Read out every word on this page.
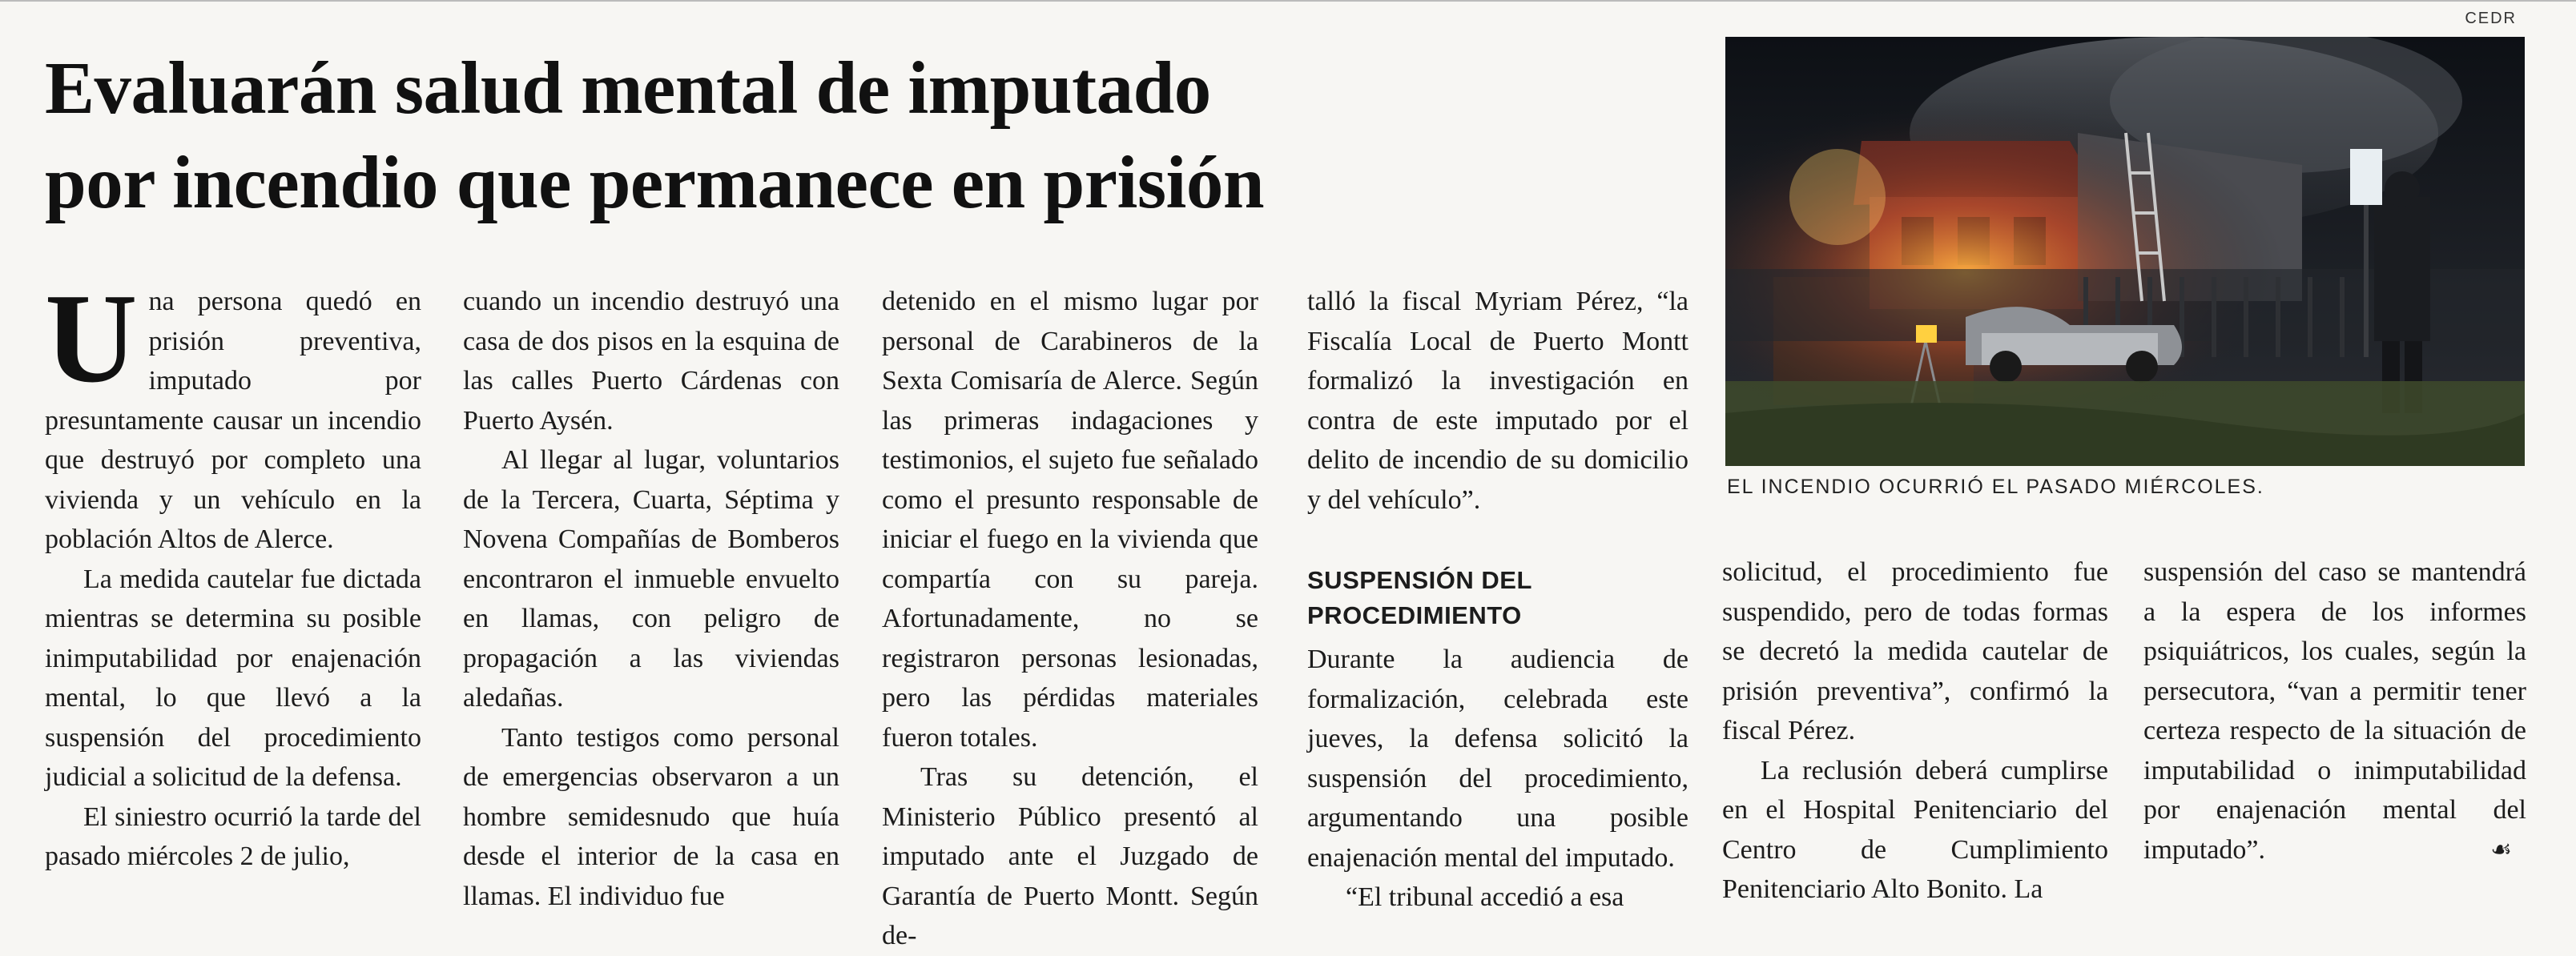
Evaluarán salud mental de imputado
por incendio que permanece en prisión
CEDR
EL INCENDIO OCURRIÓ EL PASADO MIÉRCOLES.

Una persona quedó en prisión preventiva, imputado por presuntamente causar un incendio que destruyó por completo una vivienda y un vehículo en la población Altos de Alerce.

La medida cautelar fue dictada mientras se determina su posible inimputabilidad por enajenación mental, lo que llevó a la suspensión del procedimiento judicial a solicitud de la defensa.

El siniestro ocurrió la tarde del pasado miércoles 2 de julio,

cuando un incendio destruyó una casa de dos pisos en la esquina de las calles Puerto Cárdenas con Puerto Aysén.

Al llegar al lugar, voluntarios de la Tercera, Cuarta, Séptima y Novena Compañías de Bomberos encontraron el inmueble envuelto en llamas, con peligro de propagación a las viviendas aledañas.

Tanto testigos como personal de emergencias observaron a un hombre semidesnudo que huía desde el interior de la casa en llamas. El individuo fue

detenido en el mismo lugar por personal de Carabineros de la Sexta Comisaría de Alerce. Según las primeras indagaciones y testimonios, el sujeto fue señalado como el presunto responsable de iniciar el fuego en la vivienda que compartía con su pareja. Afortunadamente, no se registraron personas lesionadas, pero las pérdidas materiales fueron totales.

Tras su detención, el Ministerio Público presentó al imputado ante el Juzgado de Garantía de Puerto Montt. Según de-

talló la fiscal Myriam Pérez, “la Fiscalía Local de Puerto Montt formalizó la investigación en contra de este imputado por el delito de incendio de su domicilio y del vehículo”.

SUSPENSIÓN DEL
PROCEDIMIENTO

Durante la audiencia de formalización, celebrada este jueves, la defensa solicitó la suspensión del procedimiento, argumentando una posible enajenación mental del imputado.

“El tribunal accedió a esa

solicitud, el procedimiento fue suspendido, pero de todas formas se decretó la medida cautelar de prisión preventiva”, confirmó la fiscal Pérez.

La reclusión deberá cumplirse en el Hospital Penitenciario del Centro de Cumplimiento Penitenciario Alto Bonito. La

suspensión del caso se mantendrá a la espera de los informes psiquiátricos, los cuales, según la persecutora, “van a permitir tener certeza respecto de la situación de imputabilidad o inimputabilidad por enajenación mental del imputado”.	☙
